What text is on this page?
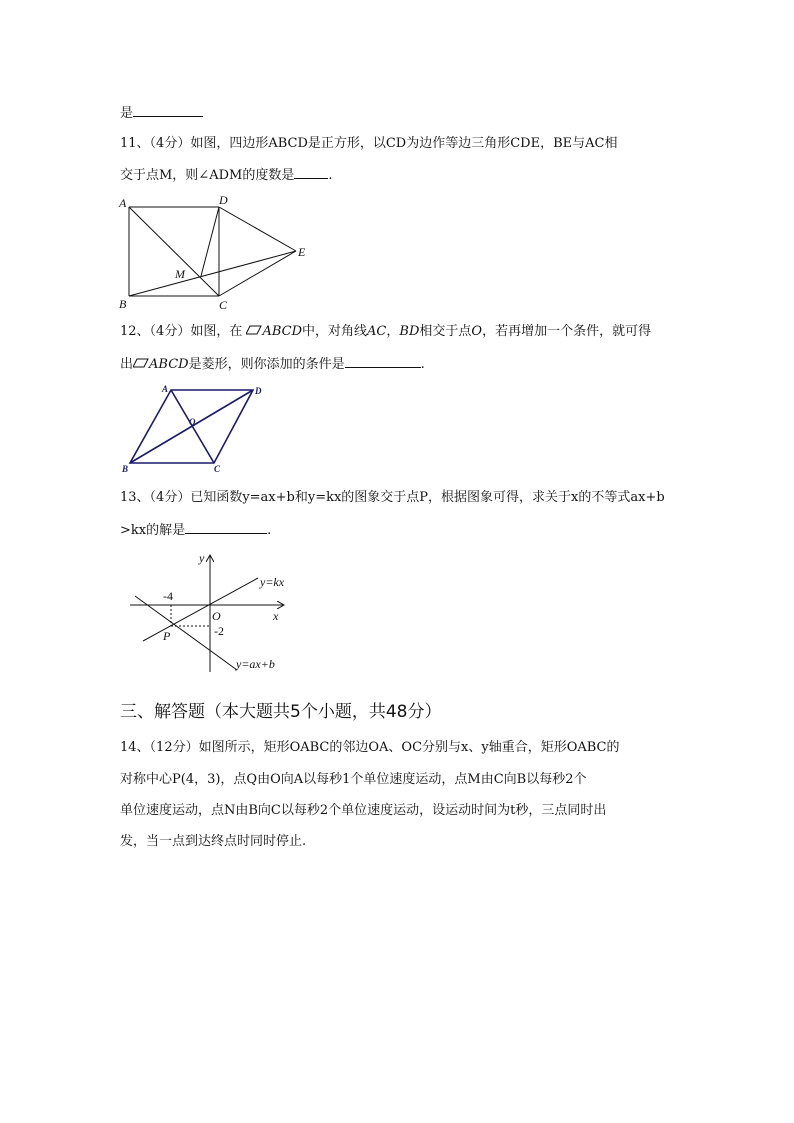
是
11、（4分）如图，四边形ABCD是正方形，以CD为边作等边三角形CDE，BE与AC相
交于点M，则∠ADM的度数是	.
A	D
E
M
B	C
12、（4分）如图，在 ABCD中，对角线AC，BD相交于点O，若再增加一个条件，就可得
出 ABCD是菱形，则你添加的条件是	.
A	D
O
B	C
13、（4分）已知函数y=ax+b和y=kx的图象交于点P，根据图象可得，求关于x的不等式ax+b
>kx的解是	.
y
x
O
P
-4
-2
y=kx
y=ax+b
三、解答题（本大题共5个小题，共48分）
14、（12分）如图所示，矩形OABC的邻边OA、OC分别与x、y轴重合，矩形OABC的
对称中心P(4，3)，点Q由O向A以每秒1个单位速度运动，点M由C向B以每秒2个
单位速度运动，点N由B向C以每秒2个单位速度运动，设运动时间为t秒，三点同时出
发，当一点到达终点时同时停止.
